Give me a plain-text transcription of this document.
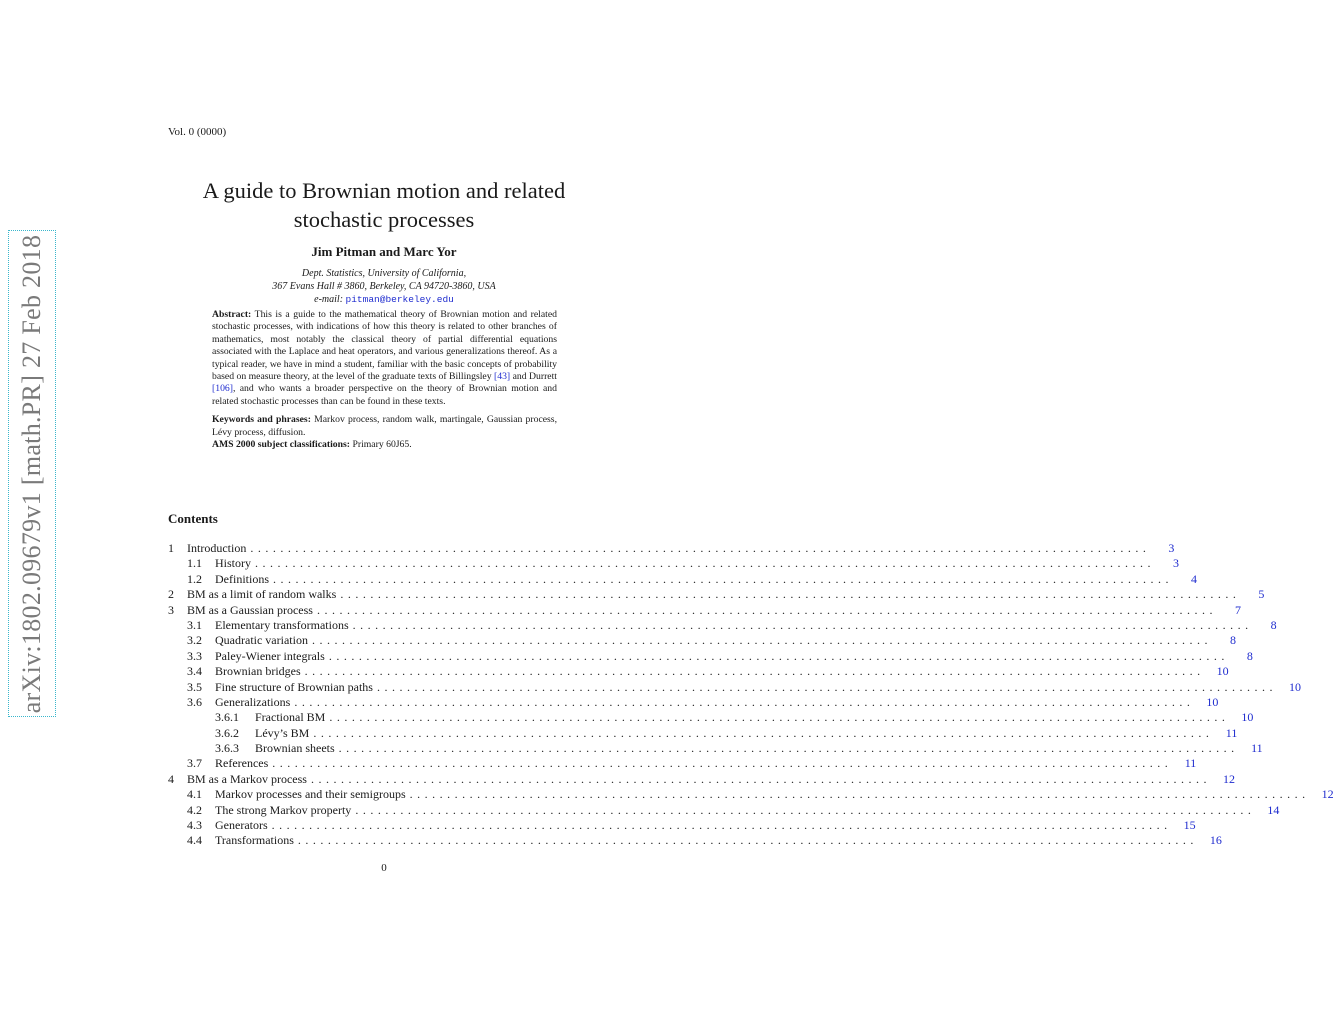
arXiv:1802.09679v1 [math.PR] 27 Feb 2018
Vol. 0 (0000)
A guide to Brownian motion and related stochastic processes
Jim Pitman and Marc Yor
Dept. Statistics, University of California,
367 Evans Hall # 3860, Berkeley, CA 94720-3860, USA
e-mail: pitman@berkeley.edu

Abstract: This is a guide to the mathematical theory of Brownian motion and related stochastic processes, with indications of how this theory is related to other branches of mathematics, most notably the classical theory of partial differential equations associated with the Laplace and heat operators, and various generalizations thereof. As a typical reader, we have in mind a student, familiar with the basic concepts of probability based on measure theory, at the level of the graduate texts of Billingsley [43] and Durrett [106], and who wants a broader perspective on the theory of Brownian motion and related stochastic processes than can be found in these texts.

Keywords and phrases: Markov process, random walk, martingale, Gaussian process, Lévy process, diffusion.

AMS 2000 subject classifications: Primary 60J65.

Contents
1	Introduction ........................................................................................................................	3
1.1	History ........................................................................................................................	3
1.2	Definitions ........................................................................................................................	4
2	BM as a limit of random walks ........................................................................................................................	5
3	BM as a Gaussian process ........................................................................................................................	7
3.1	Elementary transformations ........................................................................................................................	8
3.2	Quadratic variation ........................................................................................................................	8
3.3	Paley-Wiener integrals ........................................................................................................................	8
3.4	Brownian bridges ........................................................................................................................	10
3.5	Fine structure of Brownian paths ........................................................................................................................	10
3.6	Generalizations ........................................................................................................................	10
3.6.1	Fractional BM ........................................................................................................................	10
3.6.2	Lévy’s BM ........................................................................................................................	11
3.6.3	Brownian sheets ........................................................................................................................	11
3.7	References ........................................................................................................................	11
4	BM as a Markov process ........................................................................................................................	12
4.1	Markov processes and their semigroups ........................................................................................................................	12
4.2	The strong Markov property ........................................................................................................................	14
4.3	Generators ........................................................................................................................	15
4.4	Transformations ........................................................................................................................	16
0
